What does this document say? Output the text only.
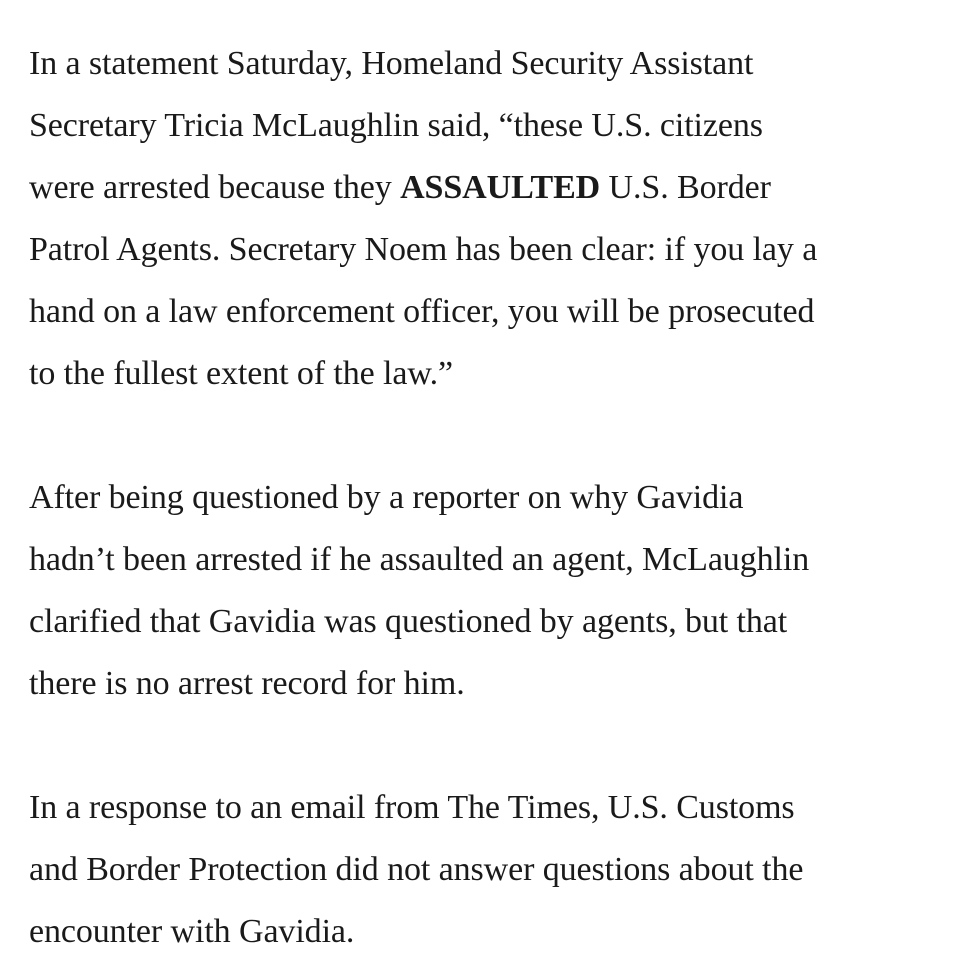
In a statement Saturday, Homeland Security Assistant
Secretary Tricia McLaughlin said, “these U.S. citizens
were arrested because they ASSAULTED U.S. Border
Patrol Agents. Secretary Noem has been clear: if you lay a
hand on a law enforcement officer, you will be prosecuted
to the fullest extent of the law.”

After being questioned by a reporter on why Gavidia
hadn’t been arrested if he assaulted an agent, McLaughlin
clarified that Gavidia was questioned by agents, but that
there is no arrest record for him.

In a response to an email from The Times, U.S. Customs
and Border Protection did not answer questions about the
encounter with Gavidia.
